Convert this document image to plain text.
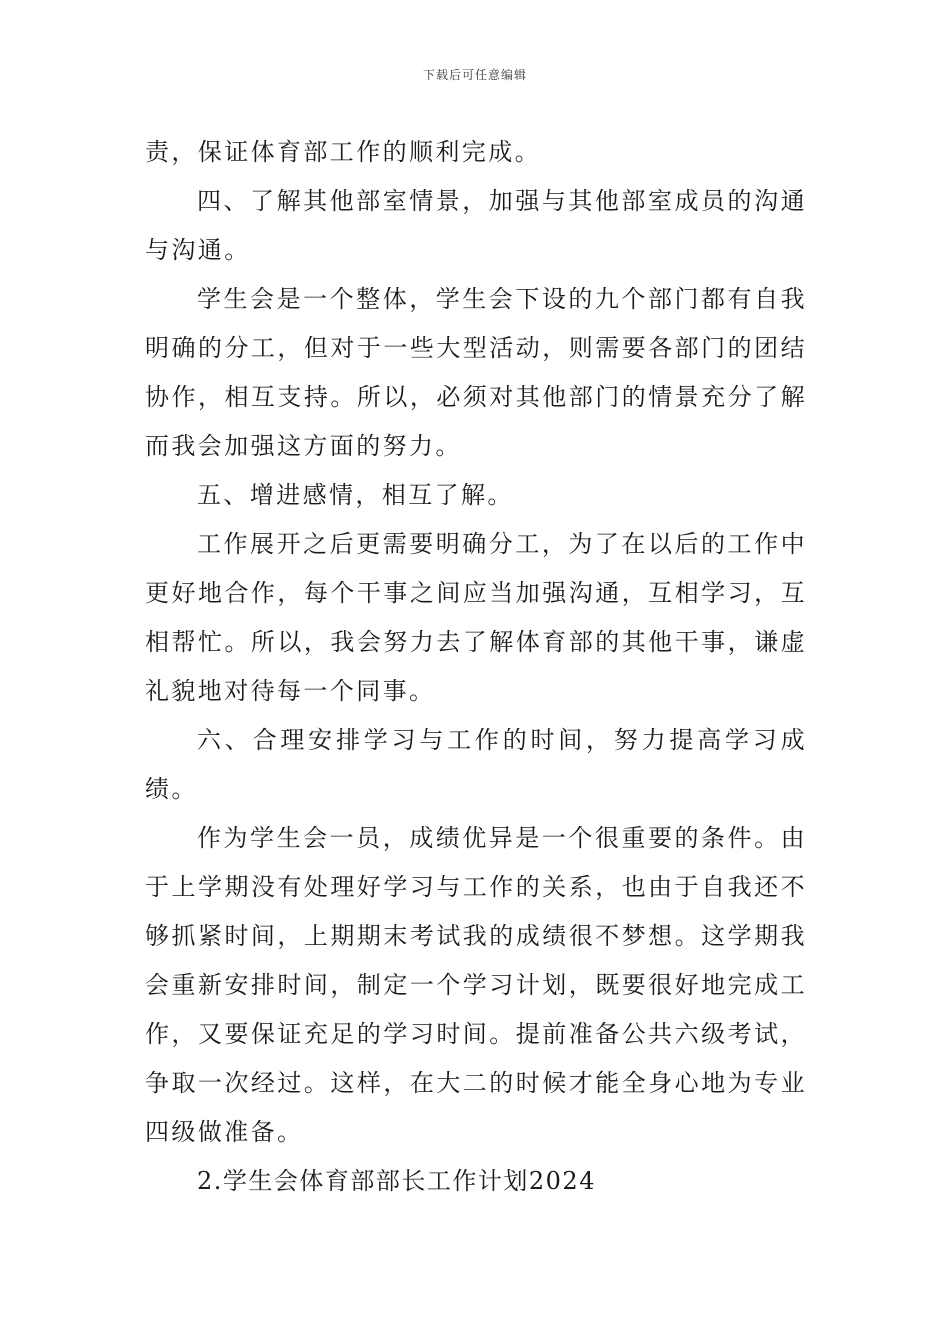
下载后可任意编辑

责，保证体育部工作的顺利完成。

四、了解其他部室情景，加强与其他部室成员的沟通与沟通。

学生会是一个整体，学生会下设的九个部门都有自我明确的分工，但对于一些大型活动，则需要各部门的团结协作，相互支持。所以，必须对其他部门的情景充分了解而我会加强这方面的努力。

五、增进感情，相互了解。

工作展开之后更需要明确分工，为了在以后的工作中更好地合作，每个干事之间应当加强沟通，互相学习，互相帮忙。所以，我会努力去了解体育部的其他干事，谦虚礼貌地对待每一个同事。

六、合理安排学习与工作的时间，努力提高学习成绩。

作为学生会一员，成绩优异是一个很重要的条件。由于上学期没有处理好学习与工作的关系，也由于自我还不够抓紧时间，上期期末考试我的成绩很不梦想。这学期我会重新安排时间，制定一个学习计划，既要很好地完成工作，又要保证充足的学习时间。提前准备公共六级考试，争取一次经过。这样，在大二的时候才能全身心地为专业四级做准备。

2.学生会体育部部长工作计划2024
